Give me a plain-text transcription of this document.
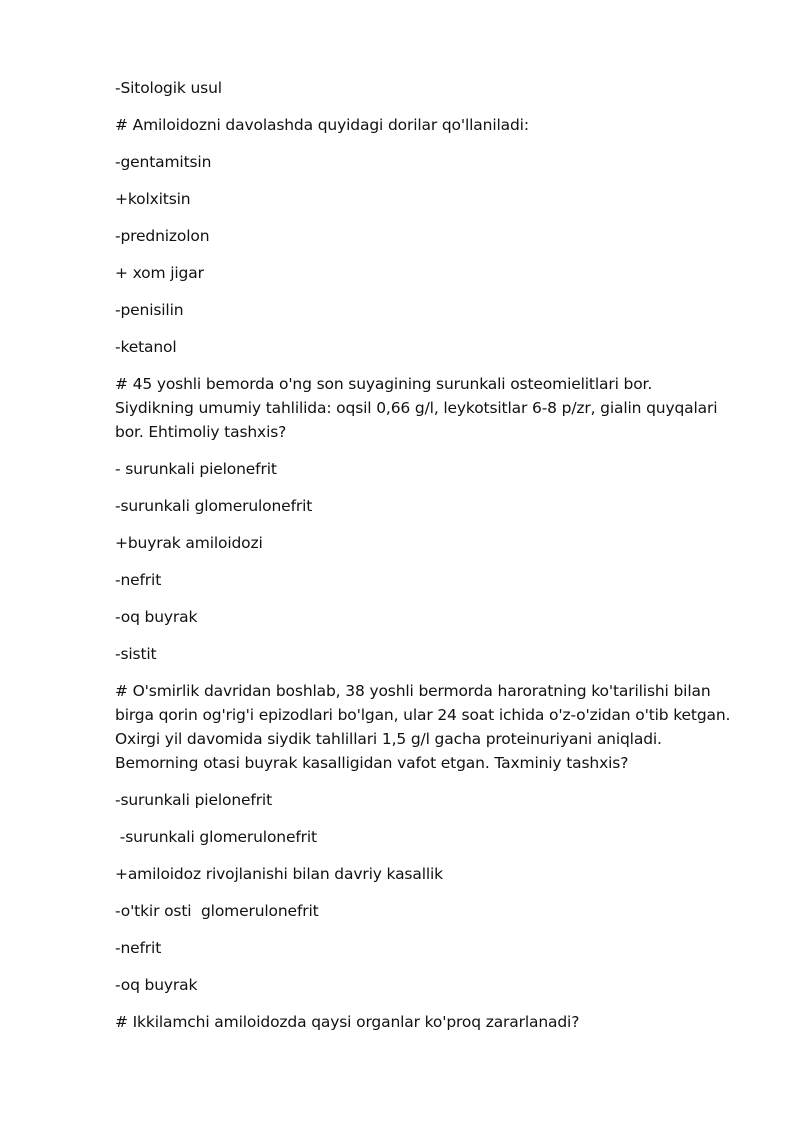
-Sitologik usul

# Amiloidozni davolashda quyidagi dorilar qo'llaniladi:

-gentamitsin

+kolxitsin

-prednizolon

+ xom jigar

-penisilin

-ketanol

# 45 yoshli bemorda o'ng son suyagining surunkali osteomielitlari bor. Siydikning umumiy tahlilida: oqsil 0,66 g/l, leykotsitlar 6-8 p/zr, gialin quyqalari bor. Ehtimoliy tashxis?

- surunkali pielonefrit

-surunkali glomerulonefrit

+buyrak amiloidozi

-nefrit

-oq buyrak

-sistit

# O'smirlik davridan boshlab, 38 yoshli bermorda haroratning ko'tarilishi bilan birga qorin og'rig'i epizodlari bo'lgan, ular 24 soat ichida o'z-o'zidan o'tib ketgan. Oxirgi yil davomida siydik tahlillari 1,5 g/l gacha proteinuriyani aniqladi. Bemorning otasi buyrak kasalligidan vafot etgan. Taxminiy tashxis?

-surunkali pielonefrit

-surunkali glomerulonefrit

+amiloidoz rivojlanishi bilan davriy kasallik

-o'tkir osti  glomerulonefrit

-nefrit

-oq buyrak

# Ikkilamchi amiloidozda qaysi organlar ko'proq zararlanadi?
